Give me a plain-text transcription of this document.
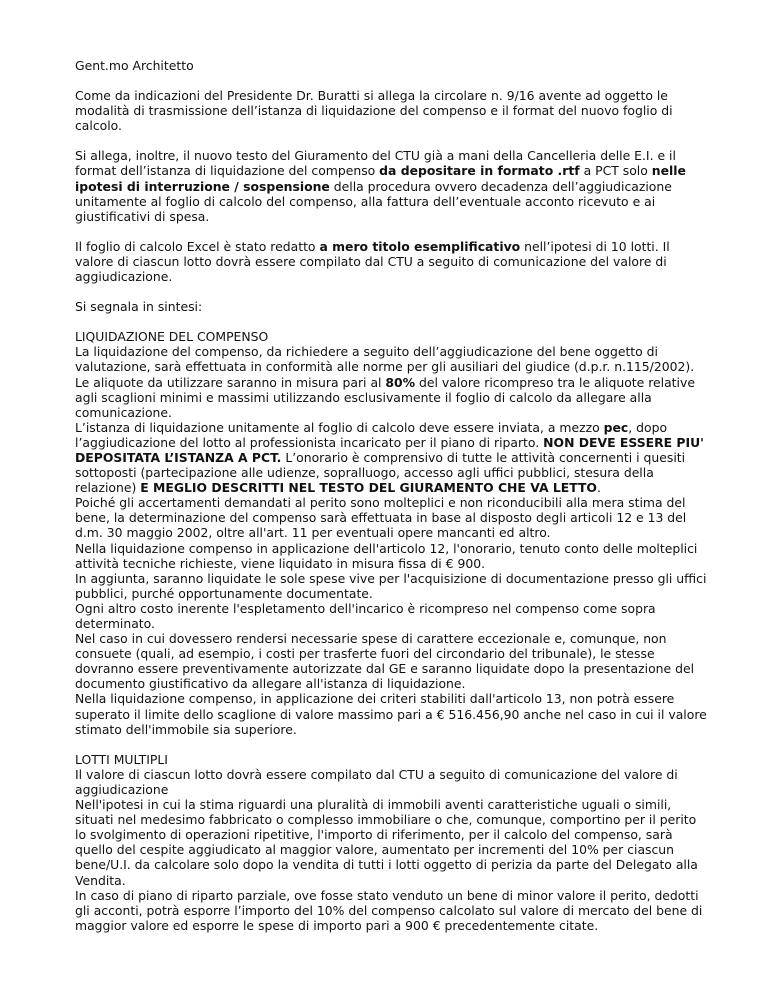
Gent.mo Architetto

Come da indicazioni del Presidente Dr. Buratti si allega la circolare n. 9/16 avente ad oggetto le modalità di trasmissione dell’istanza di liquidazione del compenso e il format del nuovo foglio di calcolo.

Si allega, inoltre, il nuovo testo del Giuramento del CTU già a mani della Cancelleria delle E.I. e il format dell’istanza di liquidazione del compenso da depositare in formato .rtf a PCT solo nelle ipotesi di interruzione / sospensione della procedura ovvero decadenza dell’aggiudicazione unitamente al foglio di calcolo del compenso, alla fattura dell’eventuale acconto ricevuto e ai giustificativi di spesa.

Il foglio di calcolo Excel è stato redatto a mero titolo esemplificativo nell’ipotesi di 10 lotti. Il valore di ciascun lotto dovrà essere compilato dal CTU a seguito di comunicazione del valore di aggiudicazione.

Si segnala in sintesi:

LIQUIDAZIONE DEL COMPENSO
La liquidazione del compenso, da richiedere a seguito dell’aggiudicazione del bene oggetto di valutazione, sarà effettuata in conformità alle norme per gli ausiliari del giudice (d.p.r. n.115/2002). Le aliquote da utilizzare saranno in misura pari al 80% del valore ricompreso tra le aliquote relative agli scaglioni minimi e massimi utilizzando esclusivamente il foglio di calcolo da allegare alla comunicazione.
L’istanza di liquidazione unitamente al foglio di calcolo deve essere inviata, a mezzo pec, dopo l’aggiudicazione del lotto al professionista incaricato per il piano di riparto. NON DEVE ESSERE PIU' DEPOSITATA L’ISTANZA A PCT. L’onorario è comprensivo di tutte le attività concernenti i quesiti sottoposti (partecipazione alle udienze, sopralluogo, accesso agli uffici pubblici, stesura della relazione) E MEGLIO DESCRITTI NEL TESTO DEL GIURAMENTO CHE VA LETTO.
Poiché gli accertamenti demandati al perito sono molteplici e non riconducibili alla mera stima del bene, la determinazione del compenso sarà effettuata in base al disposto degli articoli 12 e 13 del d.m. 30 maggio 2002, oltre all'art. 11 per eventuali opere mancanti ed altro.
Nella liquidazione compenso in applicazione dell'articolo 12, l'onorario, tenuto conto delle molteplici attività tecniche richieste, viene liquidato in misura fissa di € 900.
In aggiunta, saranno liquidate le sole spese vive per l'acquisizione di documentazione presso gli uffici pubblici, purché opportunamente documentate.
Ogni altro costo inerente l'espletamento dell'incarico è ricompreso nel compenso come sopra determinato.
Nel caso in cui dovessero rendersi necessarie spese di carattere eccezionale e, comunque, non consuete (quali, ad esempio, i costi per trasferte fuori del circondario del tribunale), le stesse dovranno essere preventivamente autorizzate dal GE e saranno liquidate dopo la presentazione del documento giustificativo da allegare all'istanza di liquidazione.
Nella liquidazione compenso, in applicazione dei criteri stabiliti dall'articolo 13, non potrà essere superato il limite dello scaglione di valore massimo pari a € 516.456,90 anche nel caso in cui il valore stimato dell'immobile sia superiore.

LOTTI MULTIPLI
Il valore di ciascun lotto dovrà essere compilato dal CTU a seguito di comunicazione del valore di aggiudicazione
Nell'ipotesi in cui la stima riguardi una pluralità di immobili aventi caratteristiche uguali o simili, situati nel medesimo fabbricato o complesso immobiliare o che, comunque, comportino per il perito lo svolgimento di operazioni ripetitive, l'importo di riferimento, per il calcolo del compenso, sarà quello del cespite aggiudicato al maggior valore, aumentato per incrementi del 10% per ciascun bene/U.I. da calcolare solo dopo la vendita di tutti i lotti oggetto di perizia da parte del Delegato alla Vendita.
In caso di piano di riparto parziale, ove fosse stato venduto un bene di minor valore il perito, dedotti gli acconti, potrà esporre l’importo del 10% del compenso calcolato sul valore di mercato del bene di maggior valore ed esporre le spese di importo pari a 900 € precedentemente citate.
